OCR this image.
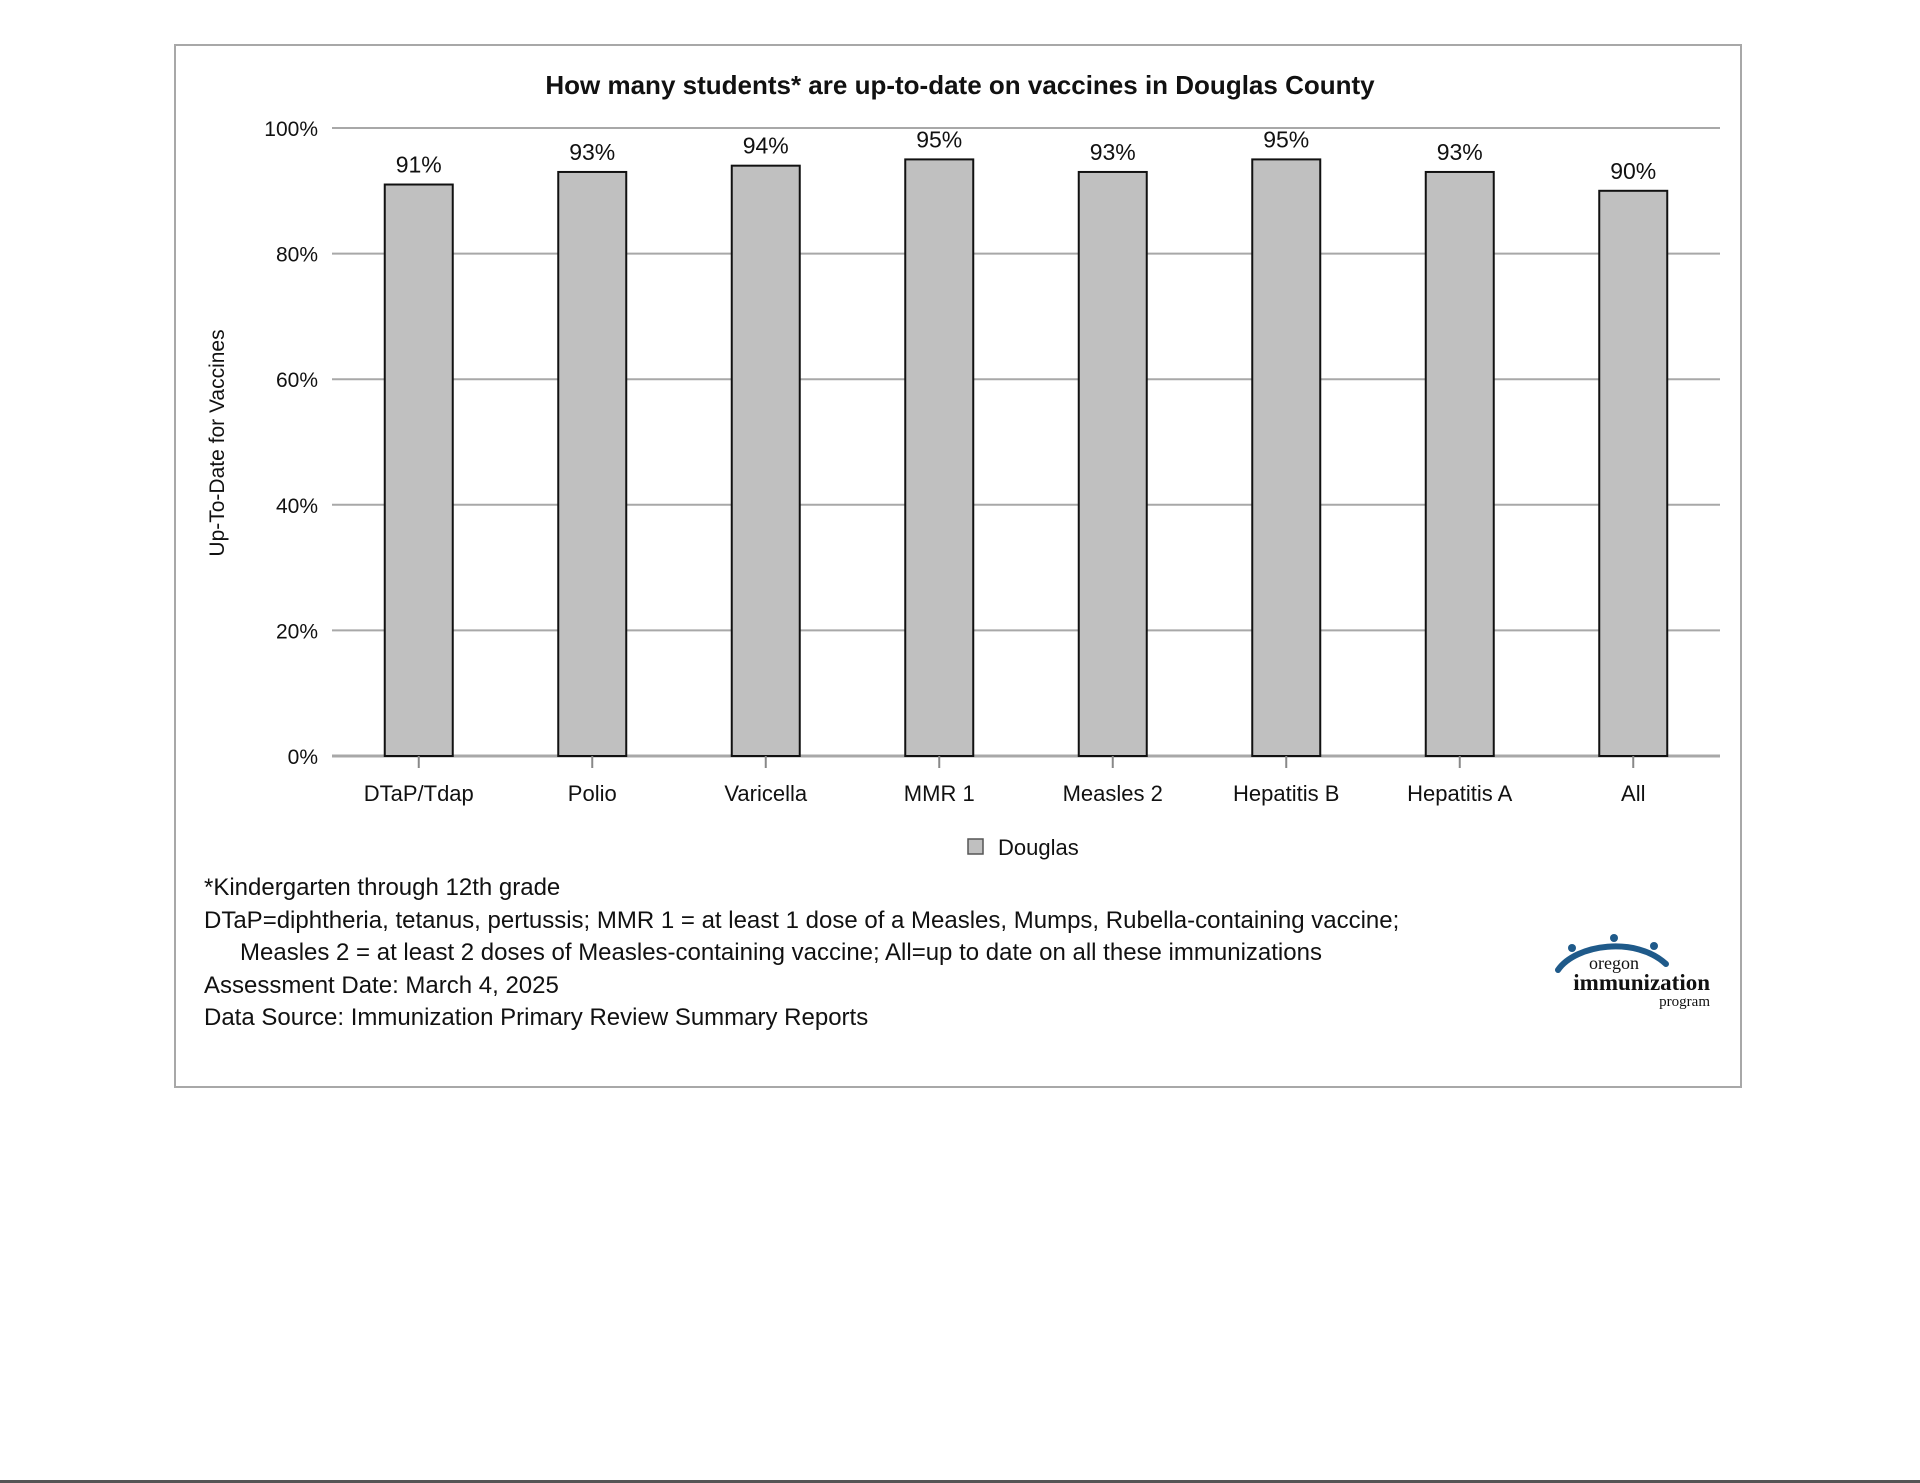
How many students* are up-to-date on vaccines in Douglas County
0%
20%
40%
60%
80%
100%
91%	93%	94%	95%	93%	95%	93%
90%
DTaP/Tdap	Polio	Varicella	MMR 1	Measles 2	Hepatitis B	Hepatitis A	All
Up-To-Date for Vaccines
Douglas
*Kindergarten through 12th grade
DTaP=diphtheria, tetanus, pertussis; MMR 1 = at least 1 dose of a Measles, Mumps, Rubella-containing vaccine;
Measles 2 = at least 2 doses of Measles-containing vaccine; All=up to date on all these immunizations
Assessment Date: March 4, 2025
Data Source: Immunization Primary Review Summary Reports
oregon
immunization
program
